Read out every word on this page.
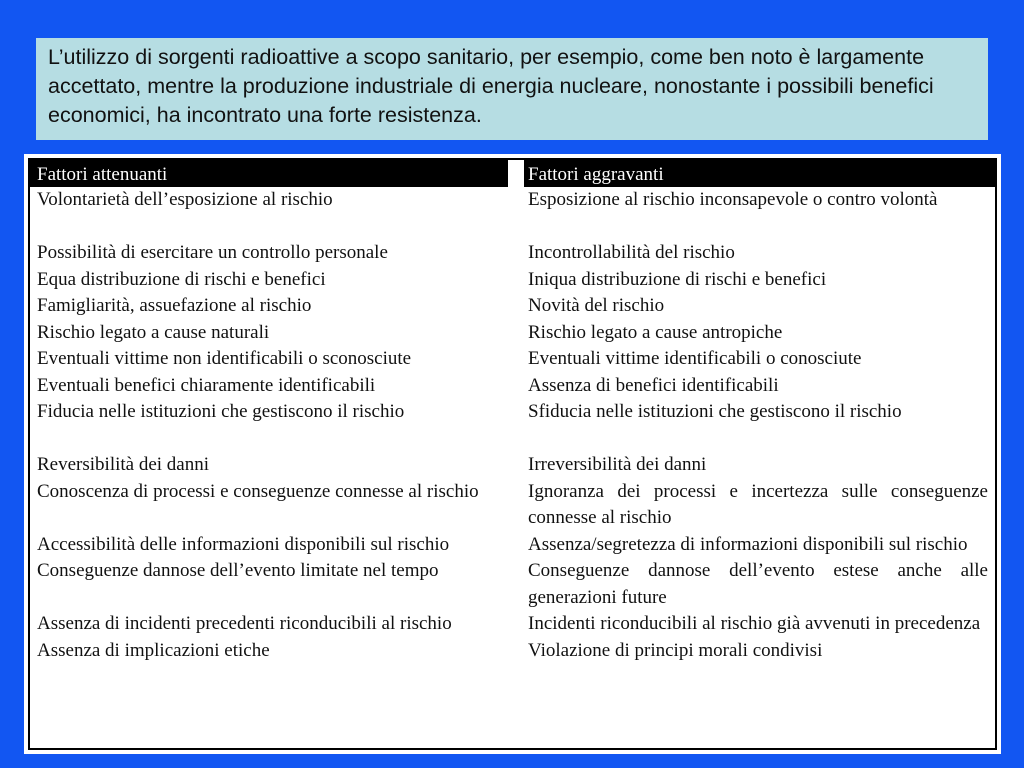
L’utilizzo di sorgenti radioattive a scopo sanitario, per esempio, come ben noto è largamente accettato, mentre la produzione industriale di energia nucleare, nonostante i possibili benefici economici, ha incontrato una forte resistenza.

Fattori attenuanti		Fattori aggravanti
Volontarietà dell’esposizione al rischio		Esposizione al rischio inconsapevole o contro volontà
Possibilità di esercitare un controllo personale		Incontrollabilità del rischio
Equa distribuzione di rischi e benefici		Iniqua distribuzione di rischi e benefici
Famigliarità, assuefazione al rischio		Novità del rischio
Rischio legato a cause naturali		Rischio legato a cause antropiche
Eventuali vittime non identificabili o sconosciute		Eventuali vittime identificabili o conosciute
Eventuali benefici chiaramente identificabili		Assenza di benefici identificabili
Fiducia nelle istituzioni che gestiscono il rischio		Sfiducia nelle istituzioni che gestiscono il rischio
Reversibilità dei danni		Irreversibilità dei danni
Conoscenza di processi e conseguenze connesse al rischio		Ignoranza dei processi e incertezza sulle conseguenze connesse al rischio
Accessibilità delle informazioni disponibili sul rischio		Assenza/segretezza di informazioni disponibili sul rischio
Conseguenze dannose dell’evento limitate nel tempo		Conseguenze dannose dell’evento estese anche alle generazioni future
Assenza di incidenti precedenti riconducibili al rischio		Incidenti riconducibili al rischio già avvenuti in precedenza
Assenza di implicazioni etiche		Violazione di principi morali condivisi
